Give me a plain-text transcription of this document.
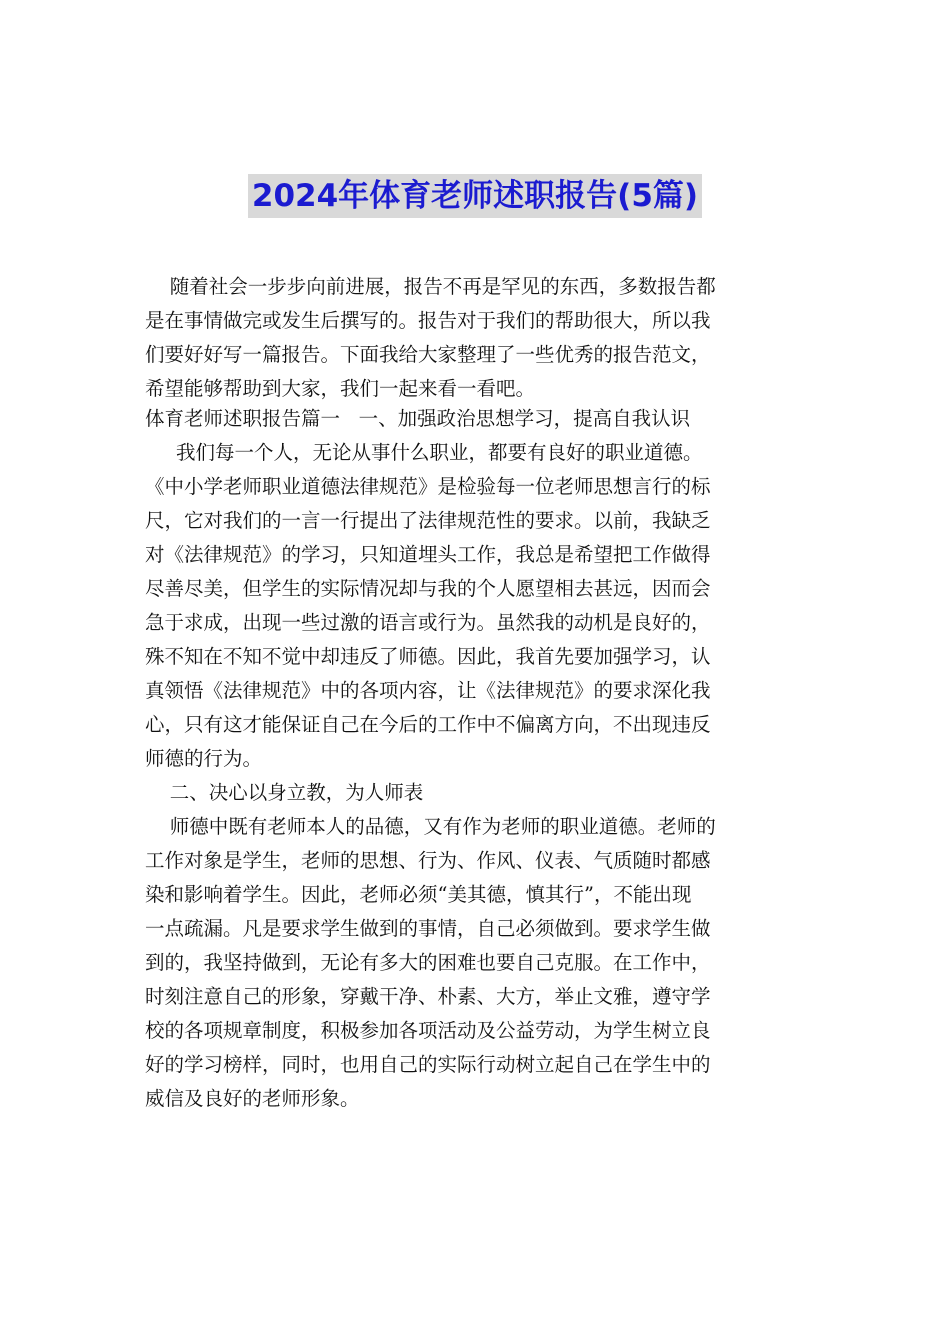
2024年体育老师述职报告(5篇)
随着社会一步步向前进展，报告不再是罕见的东西，多数报告都
是在事情做完或发生后撰写的。报告对于我们的帮助很大，所以我
们要好好写一篇报告。下面我给大家整理了一些优秀的报告范文，
希望能够帮助到大家，我们一起来看一看吧。
体育老师述职报告篇一   一、加强政治思想学习，提高自我认识
我们每一个人，无论从事什么职业，都要有良好的职业道德。
《中小学老师职业道德法律规范》是检验每一位老师思想言行的标
尺，它对我们的一言一行提出了法律规范性的要求。以前，我缺乏
对《法律规范》的学习，只知道埋头工作，我总是希望把工作做得
尽善尽美，但学生的实际情况却与我的个人愿望相去甚远，因而会
急于求成，出现一些过激的语言或行为。虽然我的动机是良好的，
殊不知在不知不觉中却违反了师德。因此，我首先要加强学习，认
真领悟《法律规范》中的各项内容，让《法律规范》的要求深化我
心，只有这才能保证自己在今后的工作中不偏离方向，不出现违反
师德的行为。
二、决心以身立教，为人师表
师德中既有老师本人的品德，又有作为老师的职业道德。老师的
工作对象是学生，老师的思想、行为、作风、仪表、气质随时都感
染和影响着学生。因此，老师必须“美其德，慎其行”，不能出现
一点疏漏。凡是要求学生做到的事情，自己必须做到。要求学生做
到的，我坚持做到，无论有多大的困难也要自己克服。在工作中，
时刻注意自己的形象，穿戴干净、朴素、大方，举止文雅，遵守学
校的各项规章制度，积极参加各项活动及公益劳动，为学生树立良
好的学习榜样，同时，也用自己的实际行动树立起自己在学生中的
威信及良好的老师形象。
